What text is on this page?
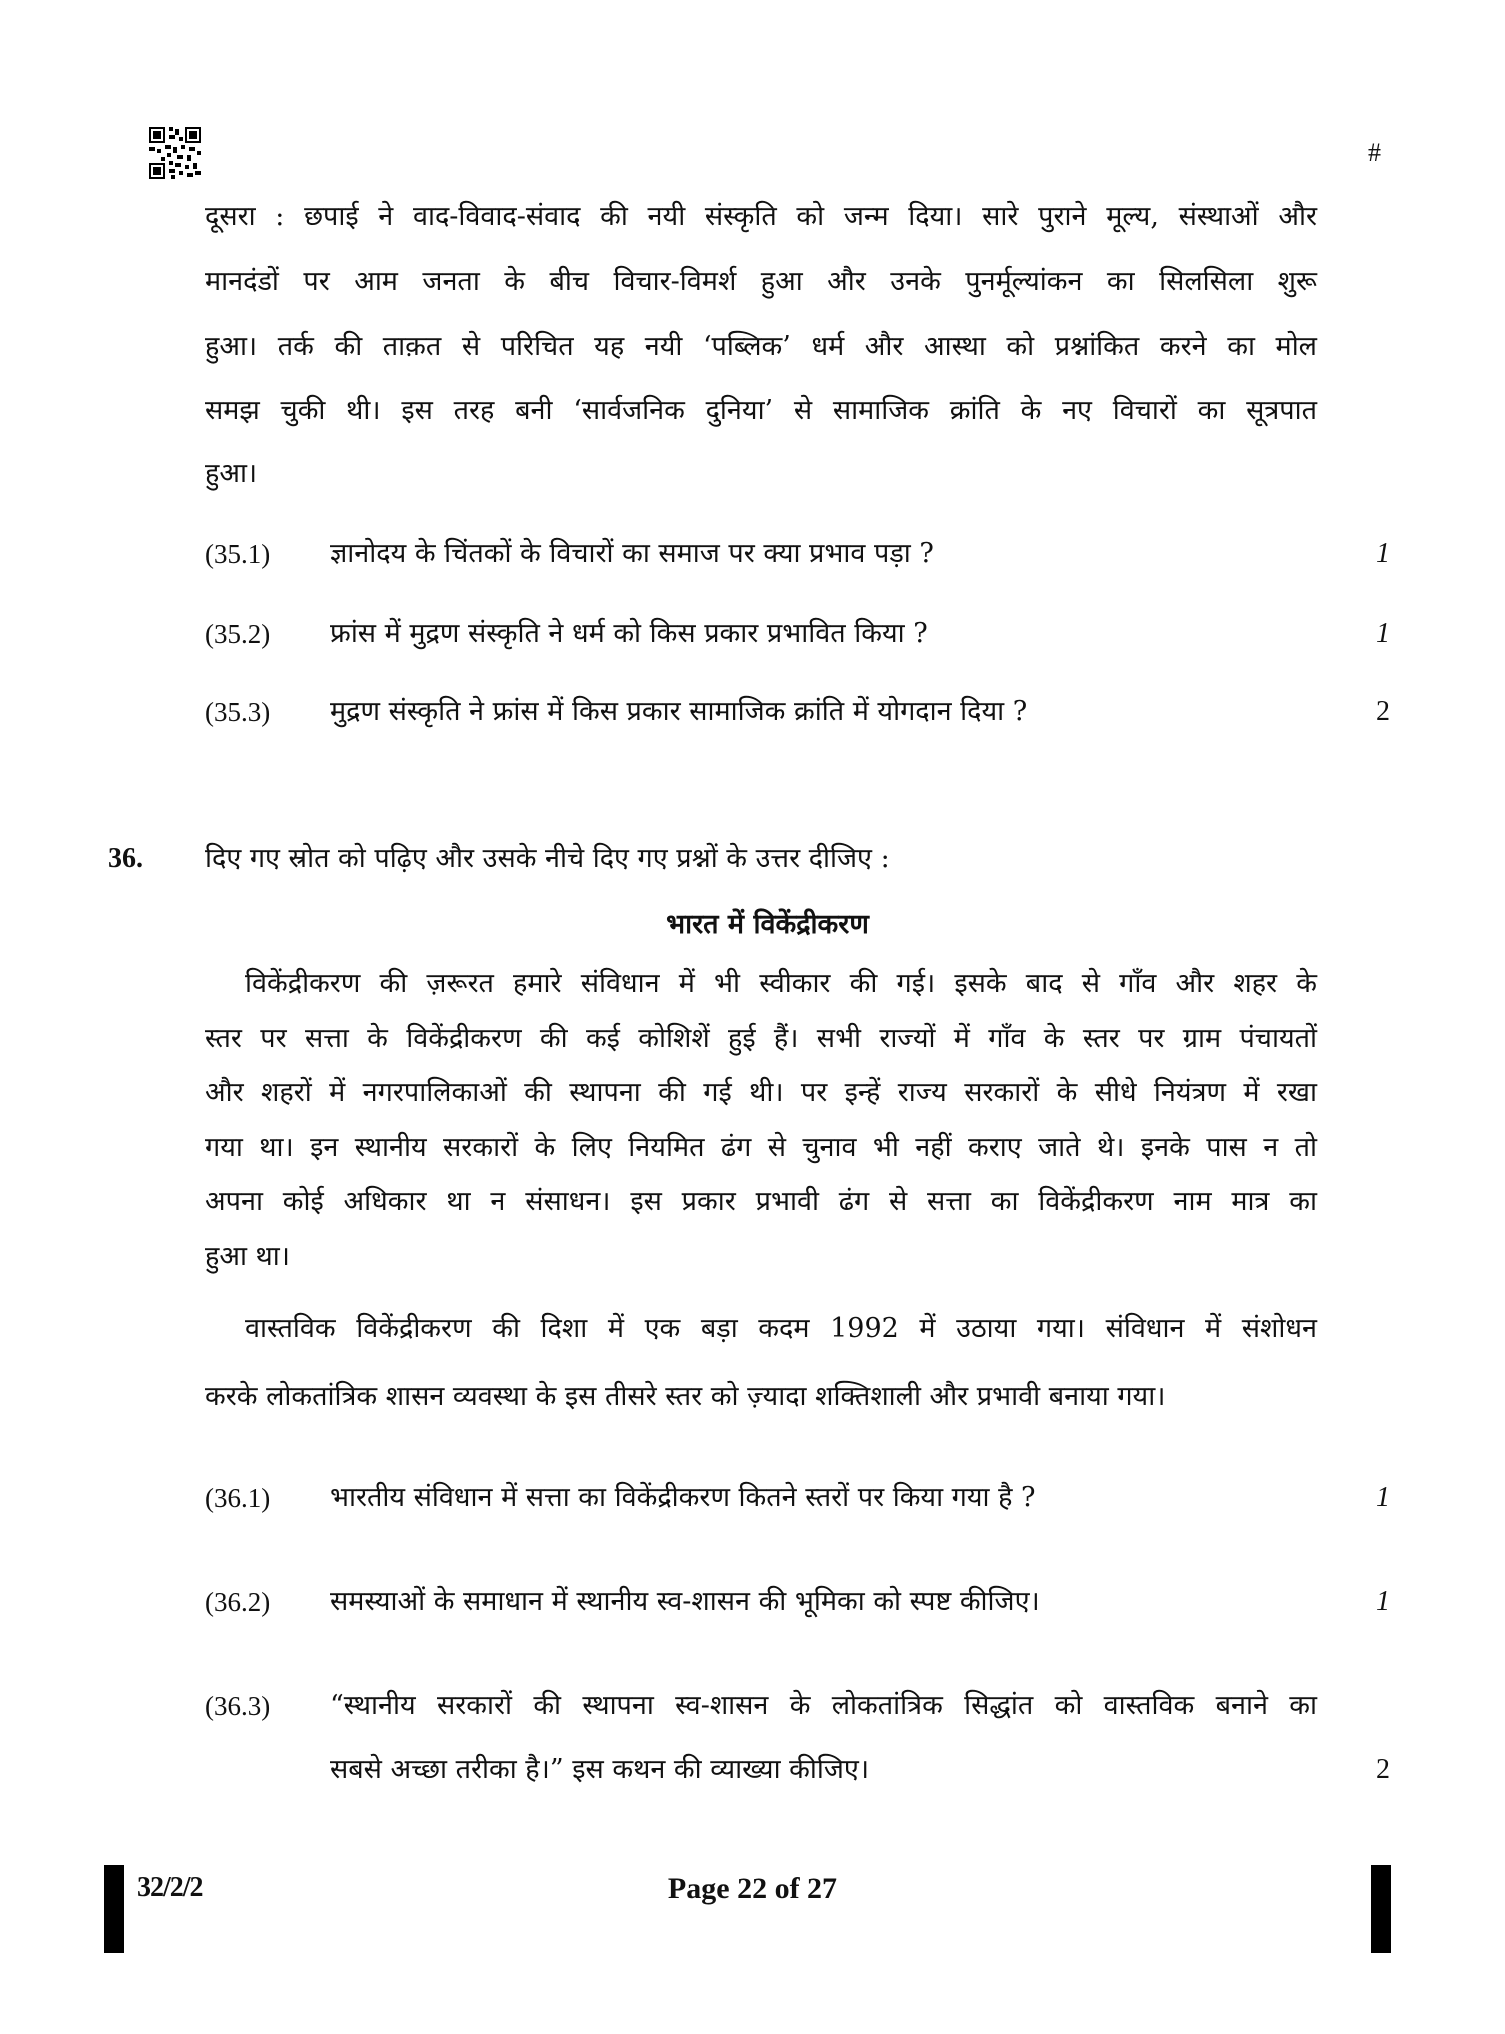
#
दूसरा : छपाई ने वाद-विवाद-संवाद की नयी संस्कृति को जन्म दिया। सारे पुराने मूल्य, संस्थाओं और
मानदंडों पर आम जनता के बीच विचार-विमर्श हुआ और उनके पुनर्मूल्यांकन का सिलसिला शुरू
हुआ। तर्क की ताक़त से परिचित यह नयी ‘पब्लिक’ धर्म और आस्था को प्रश्नांकित करने का मोल
समझ चुकी थी। इस तरह बनी ‘सार्वजनिक दुनिया’ से सामाजिक क्रांति के नए विचारों का सूत्रपात
हुआ।
(35.1) ज्ञानोदय के चिंतकों के विचारों का समाज पर क्या प्रभाव पड़ा ?	1
(35.2) फ्रांस में मुद्रण संस्कृति ने धर्म को किस प्रकार प्रभावित किया ?	1
(35.3) मुद्रण संस्कृति ने फ्रांस में किस प्रकार सामाजिक क्रांति में योगदान दिया ?	2
36. दिए गए स्रोत को पढ़िए और उसके नीचे दिए गए प्रश्नों के उत्तर दीजिए :
भारत में विकेंद्रीकरण
विकेंद्रीकरण की ज़रूरत हमारे संविधान में भी स्वीकार की गई। इसके बाद से गाँव और शहर के
स्तर पर सत्ता के विकेंद्रीकरण की कई कोशिशें हुई हैं। सभी राज्यों में गाँव के स्तर पर ग्राम पंचायतों
और शहरों में नगरपालिकाओं की स्थापना की गई थी। पर इन्हें राज्य सरकारों के सीधे नियंत्रण में रखा
गया था। इन स्थानीय सरकारों के लिए नियमित ढंग से चुनाव भी नहीं कराए जाते थे। इनके पास न तो
अपना कोई अधिकार था न संसाधन। इस प्रकार प्रभावी ढंग से सत्ता का विकेंद्रीकरण नाम मात्र का
हुआ था।
वास्तविक विकेंद्रीकरण की दिशा में एक बड़ा कदम 1992 में उठाया गया। संविधान में संशोधन
करके लोकतांत्रिक शासन व्यवस्था के इस तीसरे स्तर को ज़्यादा शक्तिशाली और प्रभावी बनाया गया।
(36.1) भारतीय संविधान में सत्ता का विकेंद्रीकरण कितने स्तरों पर किया गया है ?	1
(36.2) समस्याओं के समाधान में स्थानीय स्व-शासन की भूमिका को स्पष्ट कीजिए।	1
(36.3) “स्थानीय सरकारों की स्थापना स्व-शासन के लोकतांत्रिक सिद्धांत को वास्तविक बनाने का
सबसे अच्छा तरीका है।” इस कथन की व्याख्या कीजिए।	2
32/2/2	Page 22 of 27
